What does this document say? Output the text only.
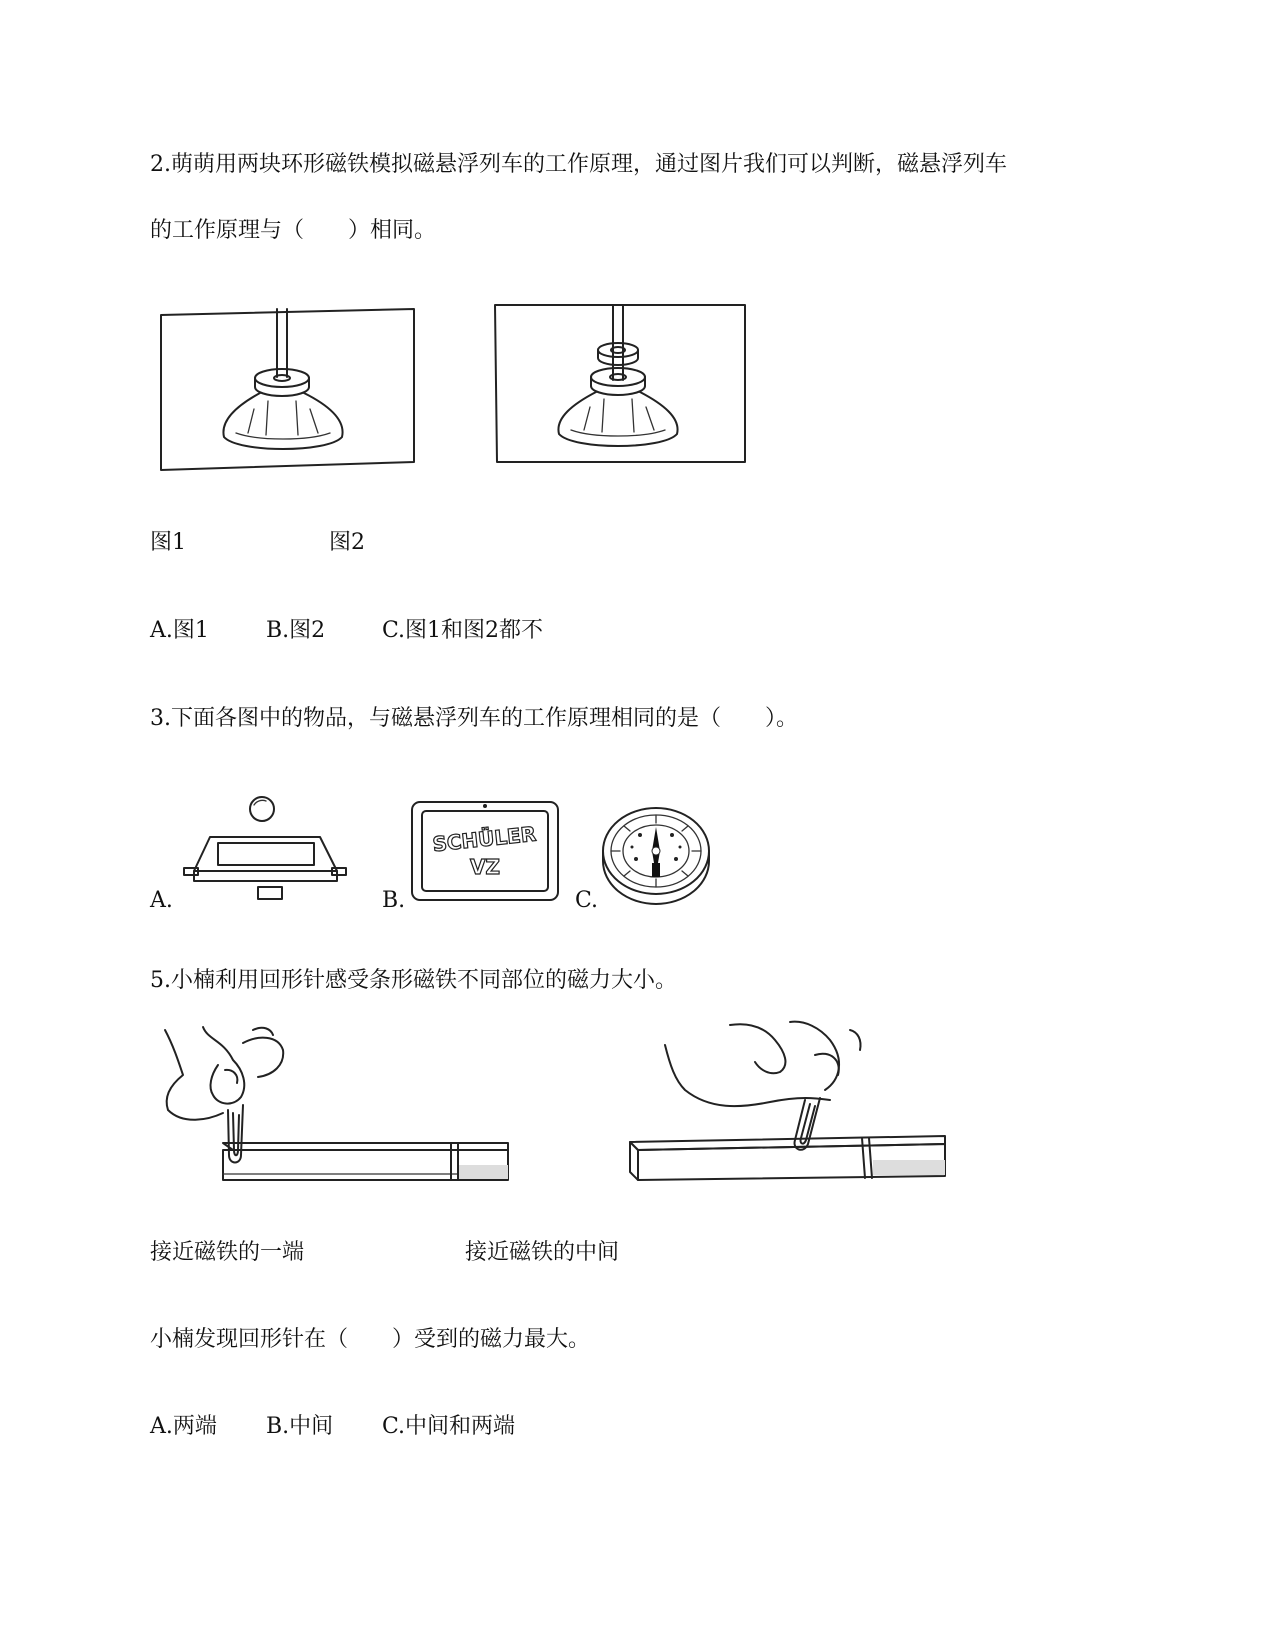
2.萌萌用两块环形磁铁模拟磁悬浮列车的工作原理，通过图片我们可以判断，磁悬浮列车
的工作原理与（　　）相同。
图1	图2
A.图1	B.图2	C.图1和图2都不
3.下面各图中的物品，与磁悬浮列车的工作原理相同的是（　　）。
A.	B.
SCHÜLER
VZ
C.
5.小楠利用回形针感受条形磁铁不同部位的磁力大小。
接近磁铁的一端	接近磁铁的中间
小楠发现回形针在（　　）受到的磁力最大。
A.两端 B.中间 C.中间和两端
